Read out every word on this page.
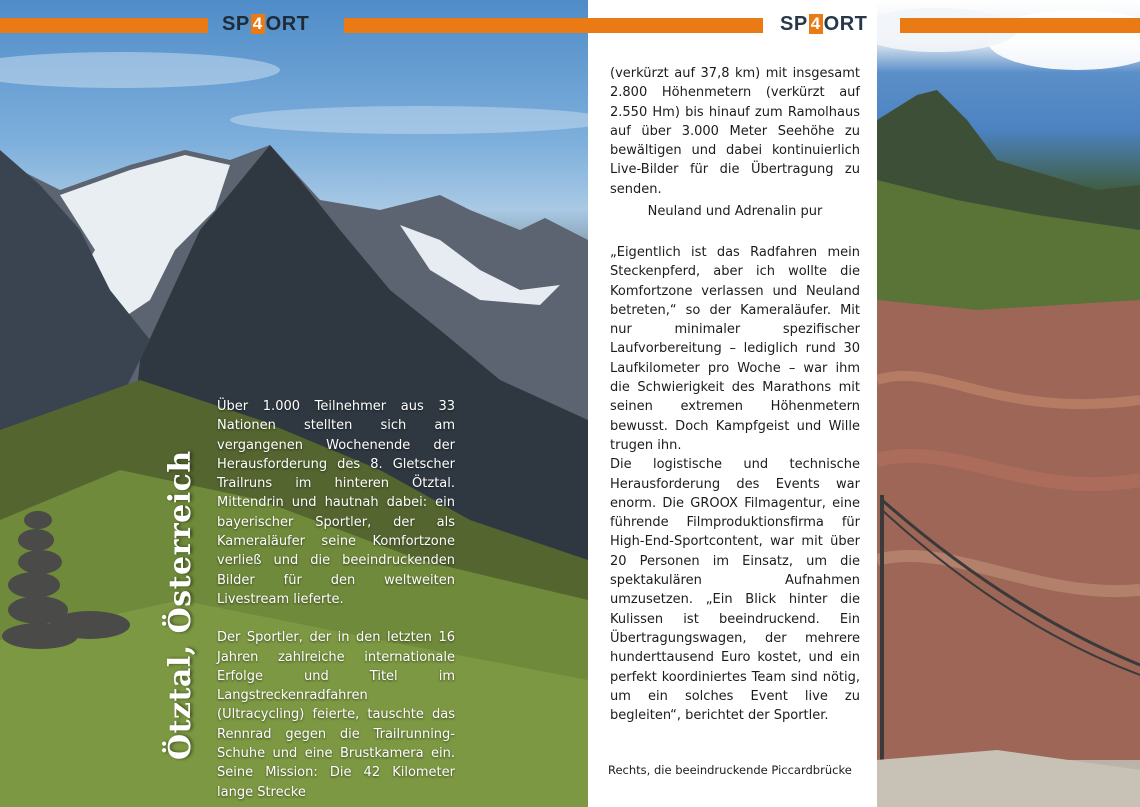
Ötztal, Österreich

Über 1.000 Teilnehmer aus 33 Nationen stellten sich am vergangenen Wochenende der Herausforderung des 8. Gletscher Trailruns im hinteren Ötztal. Mittendrin und hautnah dabei: ein bayerischer Sportler, der als Kameraläufer seine Komfortzone verließ und die beeindruckenden Bilder für den weltweiten Livestream lieferte.

Der Sportler, der in den letzten 16 Jahren zahlreiche internationale Erfolge und Titel im Langstreckenradfahren (Ultracycling) feierte, tauschte das Rennrad gegen die Trailrunning-Schuhe und eine Brustkamera ein. Seine Mission: Die 42 Kilometer lange Strecke

SP 4 ORT	SP 4 ORT

(verkürzt auf 37,8 km) mit insgesamt 2.800 Höhenmetern (verkürzt auf 2.550 Hm) bis hinauf zum Ramolhaus auf über 3.000 Meter Seehöhe zu bewältigen und dabei kontinuierlich Live-Bilder für die Übertragung zu senden.

Neuland und Adrenalin pur

„Eigentlich ist das Radfahren mein Steckenpferd, aber ich wollte die Komfortzone verlassen und Neuland betreten,“ so der Kameraläufer. Mit nur minimaler spezifischer Laufvorbereitung – lediglich rund 30 Laufkilometer pro Woche – war ihm die Schwierigkeit des Marathons mit seinen extremen Höhenmetern bewusst. Doch Kampfgeist und Wille trugen ihn.

Die logistische und technische Herausforderung des Events war enorm. Die GROOX Filmagentur, eine führende Filmproduktionsfirma für High-End-Sportcontent, war mit über 20 Personen im Einsatz, um die spektakulären Aufnahmen umzusetzen. „Ein Blick hinter die Kulissen ist beeindruckend. Ein Übertragungswagen, der mehrere hunderttausend Euro kostet, und ein perfekt koordiniertes Team sind nötig, um ein solches Event live zu begleiten“, berichtet der Sportler.

Rechts, die beeindruckende Piccardbrücke
